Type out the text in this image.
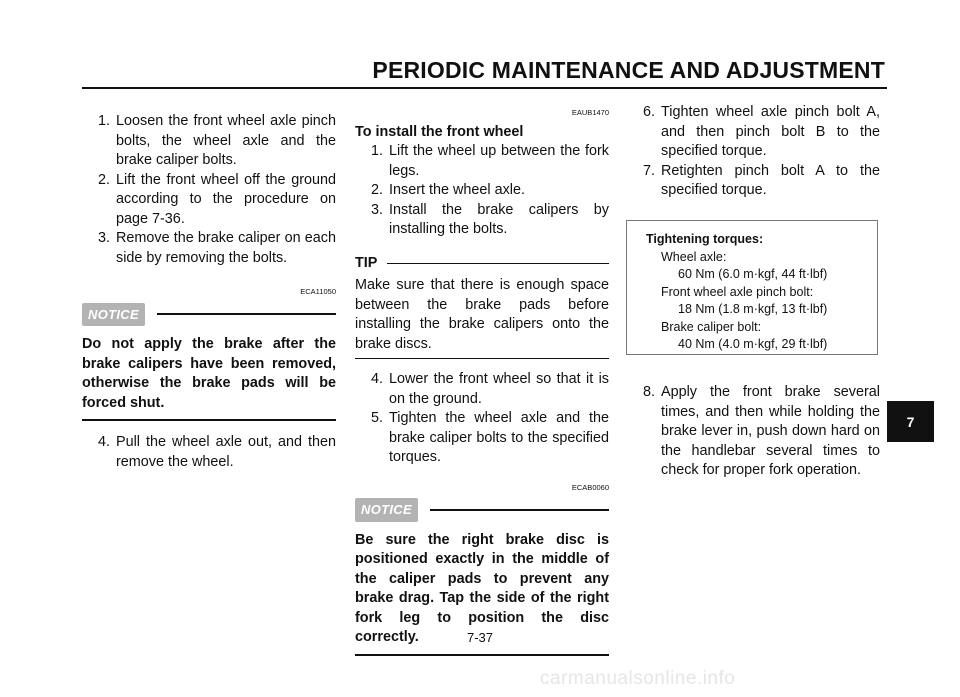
PERIODIC MAINTENANCE AND ADJUSTMENT
7
1. Loosen the front wheel axle pinch bolts, the wheel axle and the brake caliper bolts.
2. Lift the front wheel off the ground according to the procedure on page 7-36.
3. Remove the brake caliper on each side by removing the bolts.
ECA11050
NOTICE
Do not apply the brake after the brake calipers have been removed, otherwise the brake pads will be forced shut.
4. Pull the wheel axle out, and then remove the wheel.
EAUB1470
To install the front wheel
1. Lift the wheel up between the fork legs.
2. Insert the wheel axle.
3. Install the brake calipers by installing the bolts.
TIP
Make sure that there is enough space between the brake pads before installing the brake calipers onto the brake discs.
4. Lower the front wheel so that it is on the ground.
5. Tighten the wheel axle and the brake caliper bolts to the specified torques.
ECAB0060
NOTICE
Be sure the right brake disc is positioned exactly in the middle of the caliper pads to prevent any brake drag. Tap the side of the right fork leg to position the disc correctly.
6. Tighten wheel axle pinch bolt A, and then pinch bolt B to the specified torque.
7. Retighten pinch bolt A to the specified torque.
Tightening torques:
Wheel axle:
60 Nm (6.0 m·kgf, 44 ft·lbf)
Front wheel axle pinch bolt:
18 Nm (1.8 m·kgf, 13 ft·lbf)
Brake caliper bolt:
40 Nm (4.0 m·kgf, 29 ft·lbf)
8. Apply the front brake several times, and then while holding the brake lever in, push down hard on the handlebar several times to check for proper fork operation.
7-37
carmanualsonline.info
